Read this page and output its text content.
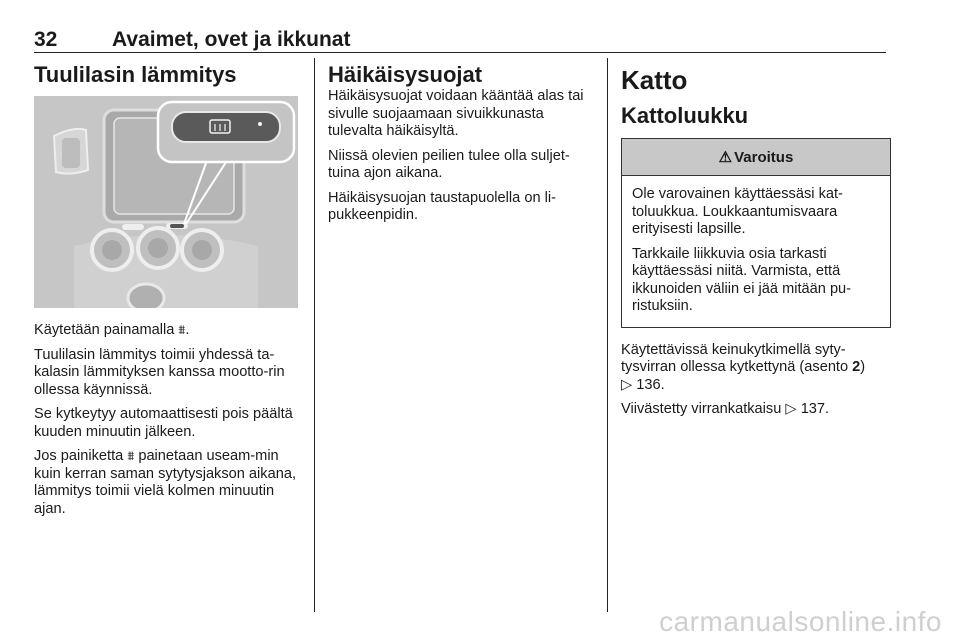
32	Avaimet, ovet ja ikkunat
Tuulilasin lämmitys

Käytetään painamalla ⩩.

Tuulilasin lämmitys toimii yhdessä ta-kalasin lämmityksen kanssa mootto-rin ollessa käynnissä.

Se kytkeytyy automaattisesti pois päältä kuuden minuutin jälkeen.

Jos painiketta ⩩ painetaan useam-min kuin kerran saman sytytysjakson aikana, lämmitys toimii vielä kolmen minuutin ajan.

Häikäisysuojat

Häikäisysuojat voidaan kääntää alas tai sivulle suojaamaan sivuikkunasta tulevalta häikäisyltä.

Niissä olevien peilien tulee olla suljet-tuina ajon aikana.

Häikäisysuojan taustapuolella on li-pukkeenpidin.

Katto
Kattoluukku
⚠ Varoitus

Ole varovainen käyttäessäsi kat-toluukkua. Loukkaantumisvaara erityisesti lapsille.

Tarkkaile liikkuvia osia tarkasti käyttäessäsi niitä. Varmista, että ikkunoiden väliin ei jää mitään pu-ristuksiin.

Käytettävissä keinukytkimellä syty-tysvirran ollessa kytkettynä (asento 2)
▷ 136.

Viivästetty virrankatkaisu ▷ 137.

carmanualsonline.info
